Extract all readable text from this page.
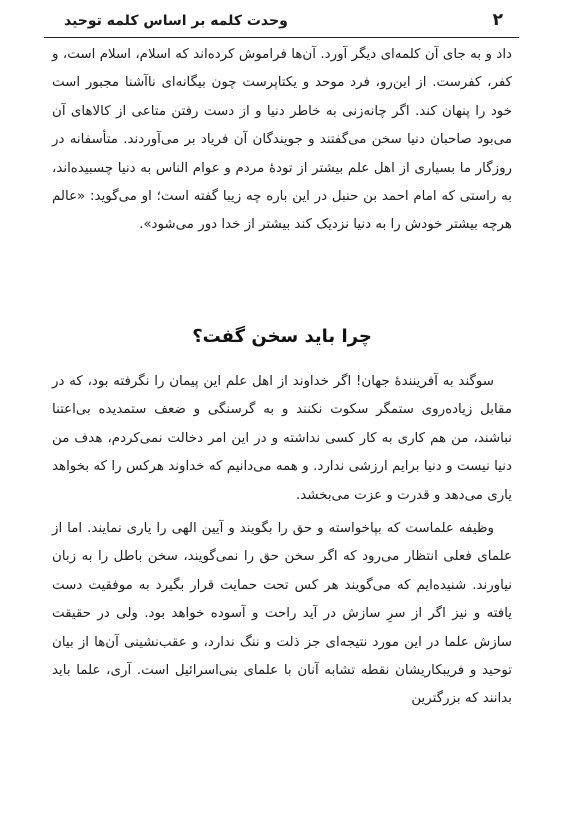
۲
وحدت کلمه بر اساس کلمه توحید

داد و به جای آن کلمه‌ای دیگر آورد. آن‌ها فراموش کرده‌اند که اسلام، اسلام است، و کفر، کفرست. از این‌رو، فرد موحد و یکتاپرست چون بیگانه‌ای ناآشنا مجبور است خود را پنهان کند. اگر چانه‌زنی به خاطر دنیا و از دست رفتن متاعی از کالاهای آن می‌بود صاحبان دنیا سخن می‌گفتند و جویندگان آن فریاد بر می‌آوردند. متأسفانه در روزگار ما بسیاری از اهل علم بیشتر از تودهٔ مردم و عوام الناس به دنیا چسبیده‌اند، به راستی که امام احمد بن حنبل در این باره چه زیبا گفته است؛ او می‌گوید: «عالم هرچه بیشتر خودش را به دنیا نزدیک کند بیشتر از خدا دور می‌شود».

چرا باید سخن گفت؟

سوگند به آفرینندهٔ جهان! اگر خداوند از اهل علم این پیمان را نگرفته بود، که در مقابل زیاده‌روی ستمگر سکوت نکنند و به گرسنگی و ضعف ستمدیده بی‌اعتنا نباشند، من هم کاری به کار کسی نداشته و در این امر دخالت نمی‌کردم، هدف من دنیا نیست و دنیا برایم ارزشی ندارد. و همه می‌دانیم که خداوند هرکس را که بخواهد یاری می‌دهد و قدرت و عزت می‌بخشد.

وظیفه علماست که بپاخواسته و حق را بگویند و آیین الهی را یاری نمایند. اما از علمای فعلی انتظار می‌رود که اگر سخن حق را نمی‌گویند، سخن باطل را به زبان نیاورند. شنیده‌ایم که می‌گویند هر کس تحت حمایت قرار بگیرد به موفقیت دست یافته و نیز اگر از سرِ سازش در آید راحت و آسوده خواهد بود. ولی در حقیقت سازش علما در این مورد نتیجه‌ای جز ذلت و ننگ ندارد، و عقب‌نشینی آن‌ها از بیان توحید و فریبکاریشان نقطه تشابه آنان با علمای بنی‌اسرائیل است. آری، علما باید بدانند که بزرگترین
